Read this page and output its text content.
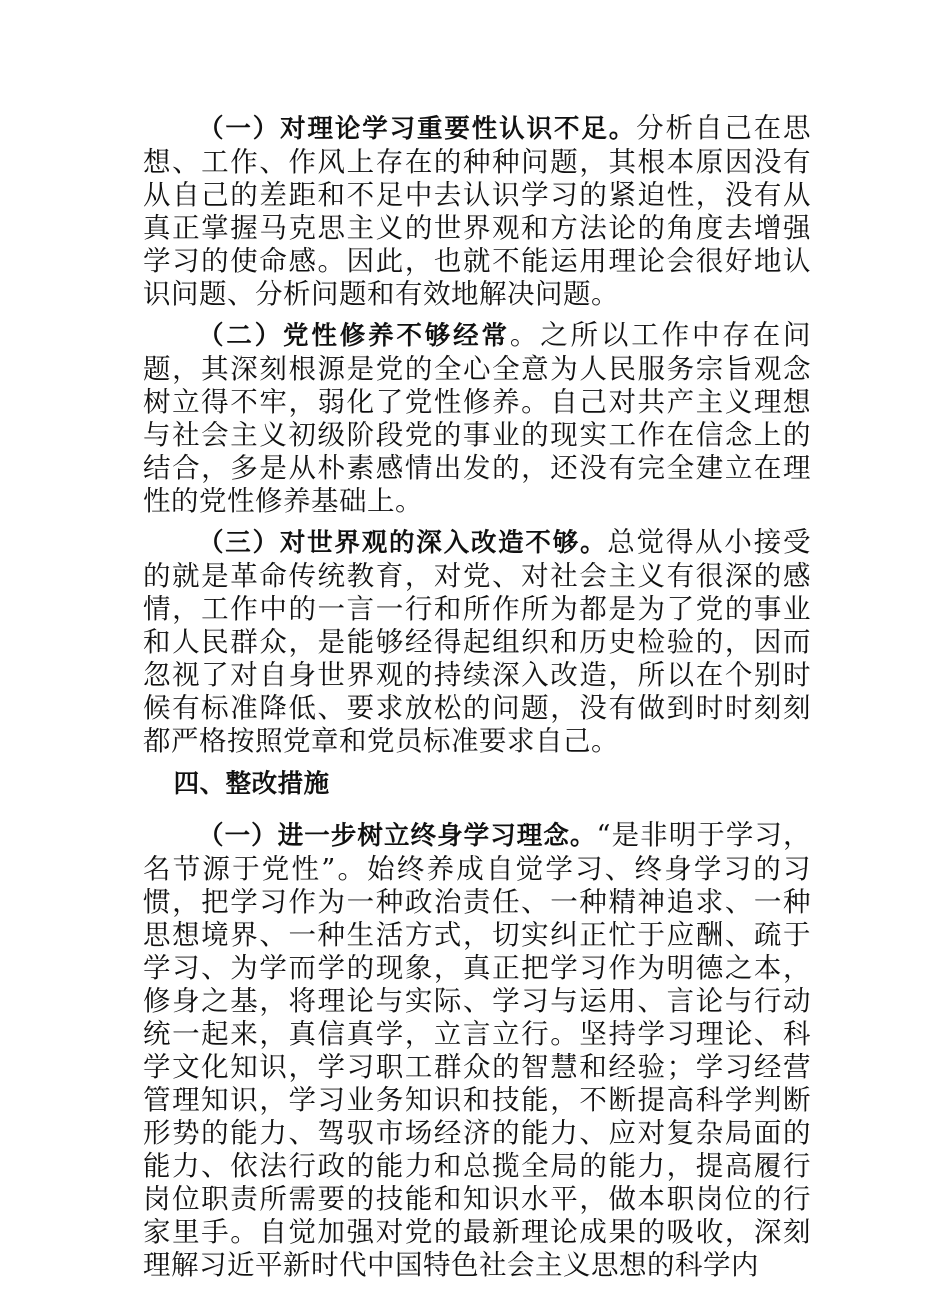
（一）对理论学习重要性认识不足。分析自己在思想、工作、作风上存在的种种问题，其根本原因没有从自己的差距和不足中去认识学习的紧迫性，没有从真正掌握马克思主义的世界观和方法论的角度去增强学习的使命感。因此，也就不能运用理论会很好地认识问题、分析问题和有效地解决问题。

（二）党性修养不够经常。之所以工作中存在问题，其深刻根源是党的全心全意为人民服务宗旨观念树立得不牢，弱化了党性修养。自己对共产主义理想与社会主义初级阶段党的事业的现实工作在信念上的结合，多是从朴素感情出发的，还没有完全建立在理性的党性修养基础上。

（三）对世界观的深入改造不够。总觉得从小接受的就是革命传统教育，对党、对社会主义有很深的感情，工作中的一言一行和所作所为都是为了党的事业和人民群众，是能够经得起组织和历史检验的，因而忽视了对自身世界观的持续深入改造，所以在个别时候有标准降低、要求放松的问题，没有做到时时刻刻都严格按照党章和党员标准要求自己。

四、整改措施

（一）进一步树立终身学习理念。“是非明于学习，名节源于党性”。始终养成自觉学习、终身学习的习惯，把学习作为一种政治责任、一种精神追求、一种思想境界、一种生活方式，切实纠正忙于应酬、疏于学习、为学而学的现象，真正把学习作为明德之本，修身之基，将理论与实际、学习与运用、言论与行动统一起来，真信真学，立言立行。坚持学习理论、科学文化知识，学习职工群众的智慧和经验；学习经营管理知识，学习业务知识和技能，不断提高科学判断形势的能力、驾驭市场经济的能力、应对复杂局面的能力、依法行政的能力和总揽全局的能力，提高履行岗位职责所需要的技能和知识水平，做本职岗位的行家里手。自觉加强对党的最新理论成果的吸收，深刻理解习近平新时代中国特色社会主义思想的科学内
